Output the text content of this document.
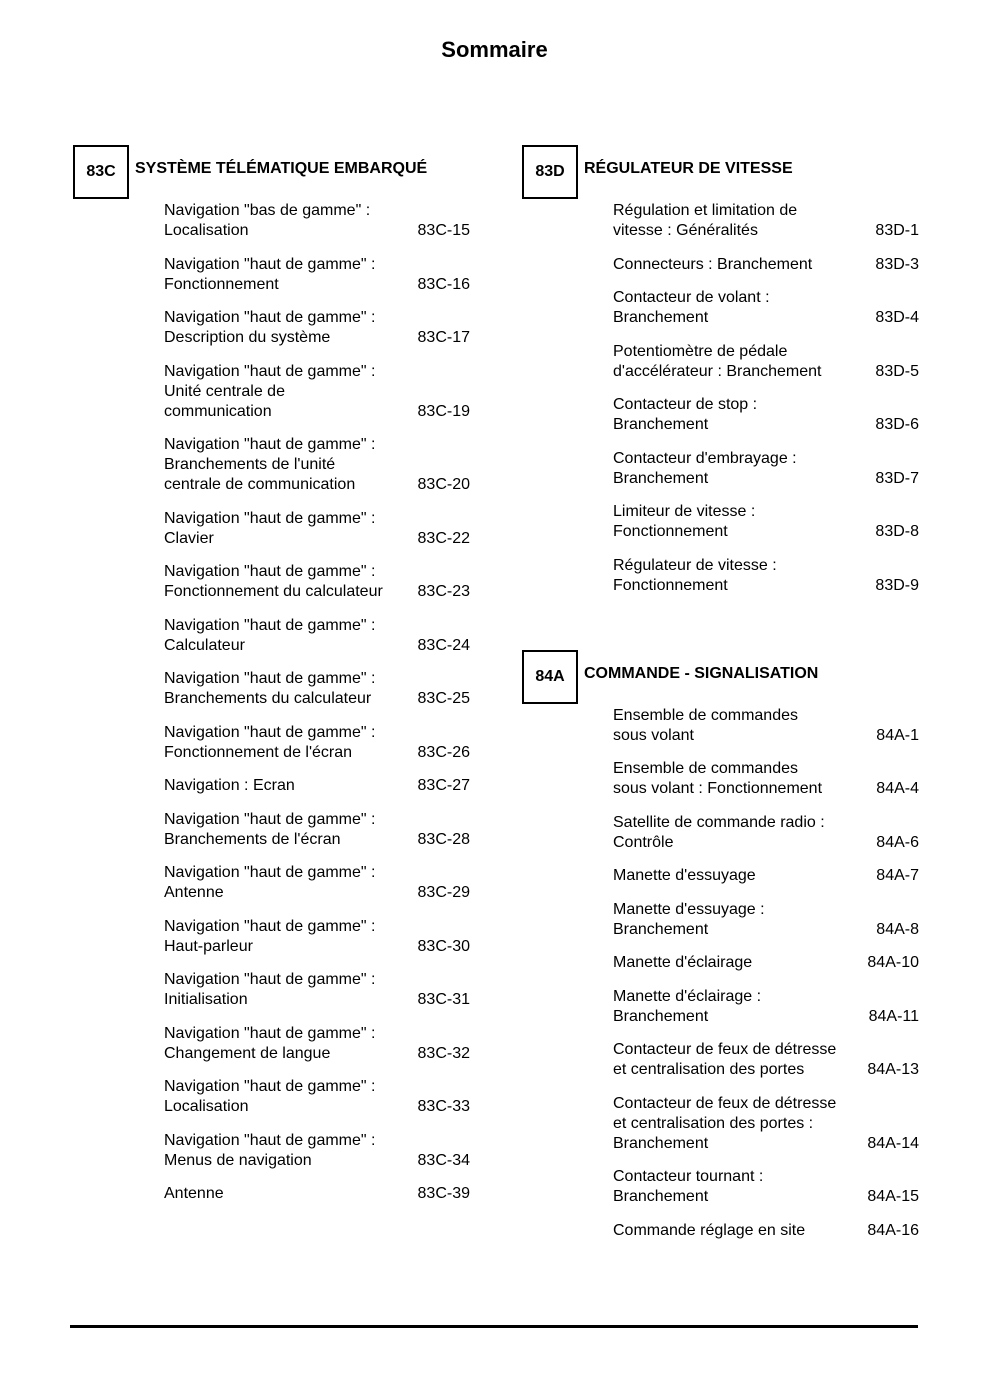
Sommaire
83C	SYSTÈME TÉLÉMATIQUE EMBARQUÉ
Navigation "bas de gamme" :
Localisation	83C-15
Navigation "haut de gamme" :
Fonctionnement	83C-16
Navigation "haut de gamme" :
Description du système	83C-17
Navigation "haut de gamme" :
Unité centrale de
communication	83C-19
Navigation "haut de gamme" :
Branchements de l'unité
centrale de communication	83C-20
Navigation "haut de gamme" :
Clavier	83C-22
Navigation "haut de gamme" :
Fonctionnement du calculateur	83C-23
Navigation "haut de gamme" :
Calculateur	83C-24
Navigation "haut de gamme" :
Branchements du calculateur	83C-25
Navigation "haut de gamme" :
Fonctionnement de l'écran	83C-26
Navigation : Ecran	83C-27
Navigation "haut de gamme" :
Branchements de l'écran	83C-28
Navigation "haut de gamme" :
Antenne	83C-29
Navigation "haut de gamme" :
Haut-parleur	83C-30
Navigation "haut de gamme" :
Initialisation	83C-31
Navigation "haut de gamme" :
Changement de langue	83C-32
Navigation "haut de gamme" :
Localisation	83C-33
Navigation "haut de gamme" :
Menus de navigation	83C-34
Antenne	83C-39
83D	RÉGULATEUR DE VITESSE
Régulation et limitation de
vitesse : Généralités	83D-1
Connecteurs : Branchement	83D-3
Contacteur de volant :
Branchement	83D-4
Potentiomètre de pédale
d'accélérateur : Branchement	83D-5
Contacteur de stop :
Branchement	83D-6
Contacteur d'embrayage :
Branchement	83D-7
Limiteur de vitesse :
Fonctionnement	83D-8
Régulateur de vitesse :
Fonctionnement	83D-9
84A	COMMANDE - SIGNALISATION
Ensemble de commandes
sous volant	84A-1
Ensemble de commandes
sous volant : Fonctionnement	84A-4
Satellite de commande radio :
Contrôle	84A-6
Manette d'essuyage	84A-7
Manette d'essuyage :
Branchement	84A-8
Manette d'éclairage	84A-10
Manette d'éclairage :
Branchement	84A-11
Contacteur de feux de détresse
et centralisation des portes	84A-13
Contacteur de feux de détresse
et centralisation des portes :
Branchement	84A-14
Contacteur tournant :
Branchement	84A-15
Commande réglage en site	84A-16
